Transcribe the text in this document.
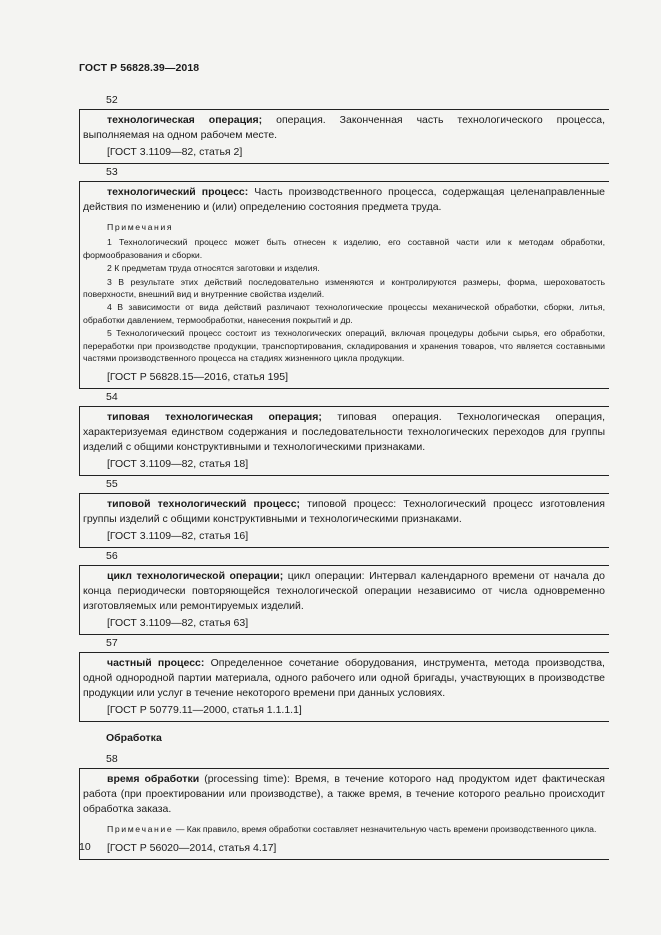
ГОСТ Р 56828.39—2018
52

технологическая операция; операция. Законченная часть технологического процесса, выполняемая на одном рабочем месте.

[ГОСТ 3.1109—82, статья 2]
53

технологический процесс: Часть производственного процесса, содержащая целенаправленные действия по изменению и (или) определению состояния предмета труда.

Примечания

1 Технологический процесс может быть отнесен к изделию, его составной части или к методам обработки, формообразования и сборки.

2 К предметам труда относятся заготовки и изделия.

3 В результате этих действий последовательно изменяются и контролируются размеры, форма, шероховатость поверхности, внешний вид и внутренние свойства изделий.

4 В зависимости от вида действий различают технологические процессы механической обработки, сборки, литья, обработки давлением, термообработки, нанесения покрытий и др.

5 Технологический процесс состоит из технологических операций, включая процедуры добычи сырья, его обработки, переработки при производстве продукции, транспортирования, складирования и хранения товаров, что является составными частями производственного процесса на стадиях жизненного цикла продукции.

[ГОСТ Р 56828.15—2016, статья 195]
54

типовая технологическая операция; типовая операция. Технологическая операция, характеризуемая единством содержания и последовательности технологических переходов для группы изделий с общими конструктивными и технологическими признаками.

[ГОСТ 3.1109—82, статья 18]
55

типовой технологический процесс; типовой процесс: Технологический процесс изготовления группы изделий с общими конструктивными и технологическими признаками.

[ГОСТ 3.1109—82, статья 16]
56

цикл технологической операции; цикл операции: Интервал календарного времени от начала до конца периодически повторяющейся технологической операции независимо от числа одновременно изготовляемых или ремонтируемых изделий.

[ГОСТ 3.1109—82, статья 63]
57

частный процесс: Определенное сочетание оборудования, инструмента, метода производства, одной однородной партии материала, одного рабочего или одной бригады, участвующих в производстве продукции или услуг в течение некоторого времени при данных условиях.

[ГОСТ Р 50779.11—2000, статья 1.1.1.1]
Обработка
58

время обработки (processing time): Время, в течение которого над продуктом идет фактическая работа (при проектировании или производстве), а также время, в течение которого реально происходит обработка заказа.

Примечание — Как правило, время обработки составляет незначительную часть времени производственного цикла.

[ГОСТ Р 56020—2014, статья 4.17]
10
